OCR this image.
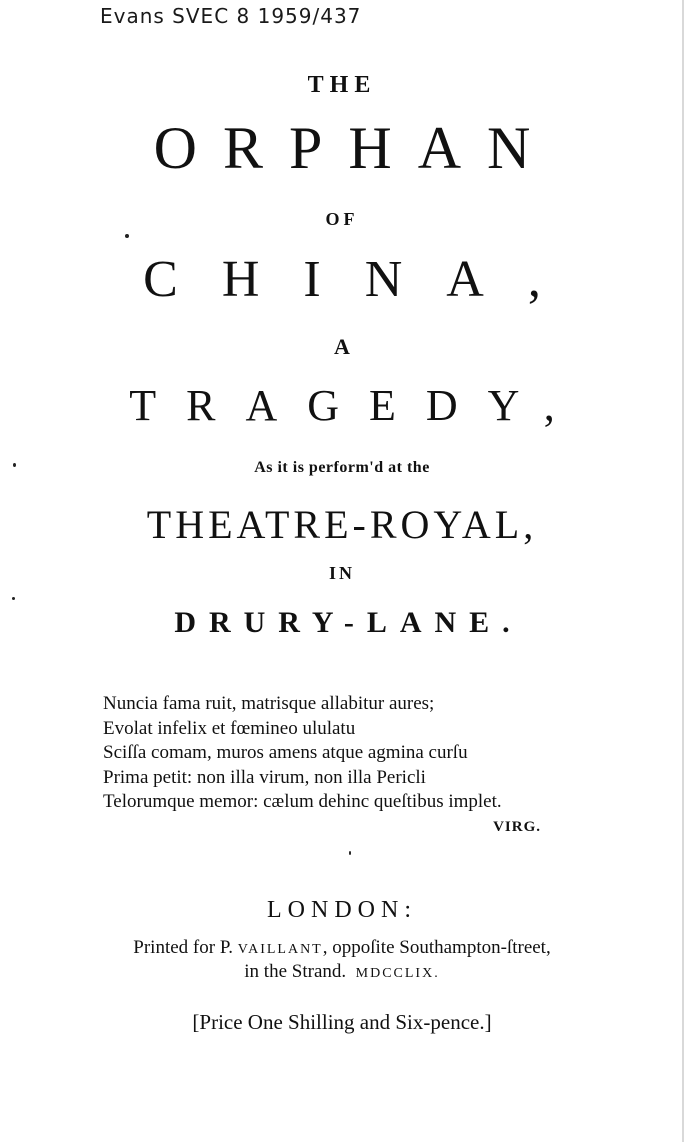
Evans SVEC 8 1959/437

THE

ORPHAN

OF

CHINA,

A

TRAGEDY,

As it is perform'd at the

THEATRE-ROYAL,

IN

DRURY-LANE.

Nuncia fama ruit, matrisque allabitur aures;
Evolat infelix et fœmineo ululatu
Sciſſa comam, muros amens atque agmina curſu
Prima petit: non illa virum, non illa Pericli
Telorumque memor: cælum dehinc queſtibus implet.
VIRG.

LONDON:

Printed for P. VAILLANT, oppoſite Southampton-ſtreet,

in the Strand. MDCCLIX.

[Price One Shilling and Six-pence.]
